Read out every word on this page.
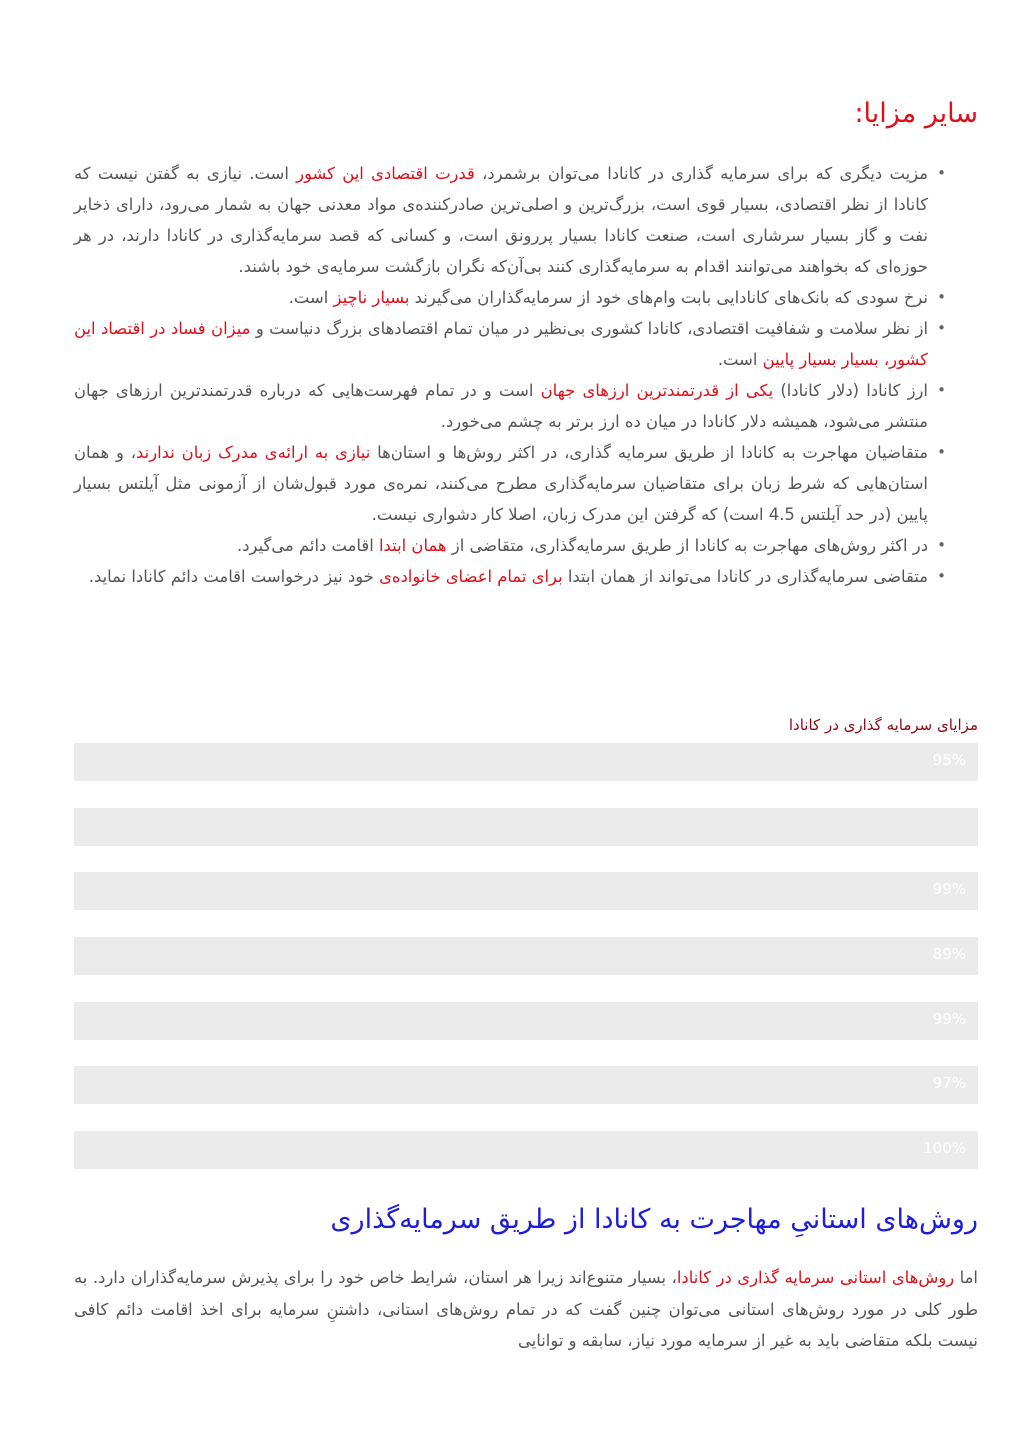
سایر مزایا:
•
مزیت دیگری که برای سرمایه گذاری در کانادا می‌توان برشمرد، قدرت اقتصادی این کشور است. نیازی به گفتن نیست که کانادا از نظر اقتصادی، بسیار قوی است، بزرگ‌ترین و اصلی‌ترین صادرکننده‌ی مواد معدنی جهان به شمار می‌رود، دارای ذخایر نفت و گاز بسیار سرشاری است، صنعت کانادا بسیار پررونق است، و کسانی که قصد سرمایه‌گذاری در کانادا دارند، در هر حوزه‌ای که بخواهند می‌توانند اقدام به سرمایه‌گذاری کنند بی‌آن‌که نگران بازگشت سرمایه‌ی خود باشند.
•
نرخ سودی که بانک‌های کانادایی بابت وام‌های خود از سرمایه‌گذاران می‌گیرند بسیار ناچیز است.
•
از نظر سلامت و شفافیت اقتصادی، کانادا کشوری بی‌نظیر در میان تمام اقتصادهای بزرگ دنیاست و میزان فساد در اقتصاد این کشور، بسیار بسیار پایین است.
•
ارز کانادا (دلار کانادا) یکی از قدرتمندترین ارزهای جهان است و در تمام فهرست‌هایی که درباره قدرتمندترین ارزهای جهان منتشر می‌شود، همیشه دلار کانادا در میان ده ارز برتر به چشم می‌خورد.
•
متقاضیان مهاجرت به کانادا از طریق سرمایه گذاری، در اکثر روش‌ها و استان‌ها نیازی به ارائه‌ی مدرک زبان ندارند، و همان استان‌هایی که شرط زبان برای متقاضیان سرمایه‌گذاری مطرح می‌کنند، نمره‌ی مورد قبول‌شان از آزمونی مثل آیلتس بسیار پایین (در حد آیلتس 4.5 است) که گرفتن این مدرک زبان، اصلا کار دشواری نیست.
•
در اکثر روش‌های مهاجرت به کانادا از طریق سرمایه‌گذاری، متقاضی از همان ابتدا اقامت دائم می‌گیرد.
•
متقاضی سرمایه‌گذاری در کانادا می‌تواند از همان ابتدا برای تمام اعضای خانواده‌ی خود نیز درخواست اقامت دائم کانادا نماید.
مزایای سرمایه گذاری در کانادا
95%
99%
89%
99%
97%
100%
روش‌های استانیِ مهاجرت به کانادا از طریق سرمایه‌گذاری

اما روش‌های استانی سرمایه گذاری در کانادا، بسیار متنوع‌اند زیرا هر استان، شرایط خاص خود را برای پذیرش سرمایه‌گذاران دارد. به طور کلی در مورد روش‌های استانی می‌توان چنین گفت که در تمام روش‌های استانی، داشتنِ سرمایه برای اخذ اقامت دائم کافی نیست بلکه متقاضی باید به غیر از سرمایه مورد نیاز، سابقه و توانایی
